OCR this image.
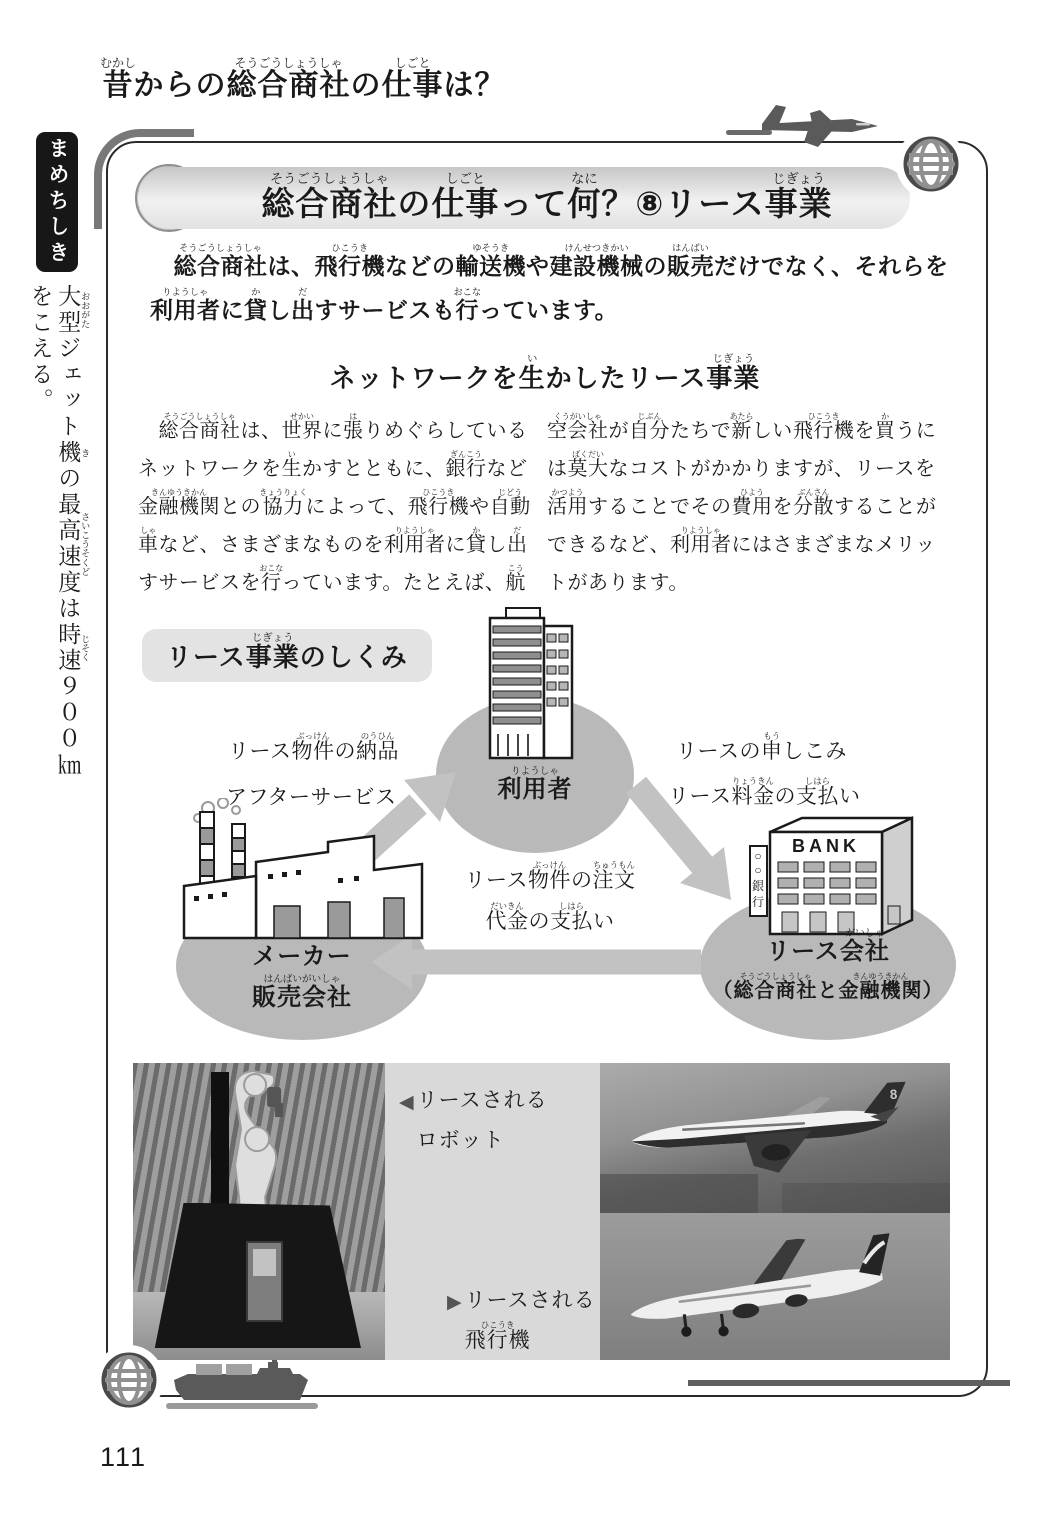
昔むかしからの総合商社そうごうしょうしゃの仕事しごとは？
まめちしき
大型 おおがたジェット機 きの最高速度 さいこうそくどは時速 じそく９００㎞をこえる。
総合商社そうごうしょうしゃの仕事しごとって何なに？⑧リース事業じぎょう
　総合商社そうごうしょうしゃは、飛行機ひこうきなどの輸送機ゆそうきや建設機械けんせつきかいの販売はんばいだけでなく、それらを
利用者りようしゃに貸かし出だすサービスも行おこなっています。
ネットワークを生いかしたリース事業じぎょう
　総合商社そうごうしょうしゃは、世界せかいに張はりめぐらしている
ネットワークを生いかすとともに、銀行ぎんこうなど
金融機関きんゆうきかんとの協力きょうりょくによって、飛行機ひこうきや自動じどう
車しゃなど、さまざまなものを利用者りようしゃに貸かし出だ
すサービスを行おこなっています。たとえば、航こう
空会社くうがいしゃが自分じぶんたちで新あたらしい飛行機ひこうきを買かうに
は莫大ばくだいなコストがかかりますが、リースを
活用かつようすることでその費用ひようを分散ぶんさんすることが
できるなど、利用者りようしゃにはさまざまなメリッ
トがあります。
リース事業じぎょうのしくみ
利用者りようしゃ
リース物件ぶっけんの納品のうひん
アフターサービス
リースの申もうしこみ
リース料金りょうきんの支払しはらい
リース物件ぶっけんの注文ちゅうもん
代金だいきんの支払しはらい
メーカー
販売会社はんばいがいしゃ
BANK
○
○
銀
行
リース会社がいしゃ
（総合商社そうごうしょうしゃと金融機関きんゆうきかん）
◀ リースされる
ロボット
▶ リースされる
飛行機ひこうき
8
111
